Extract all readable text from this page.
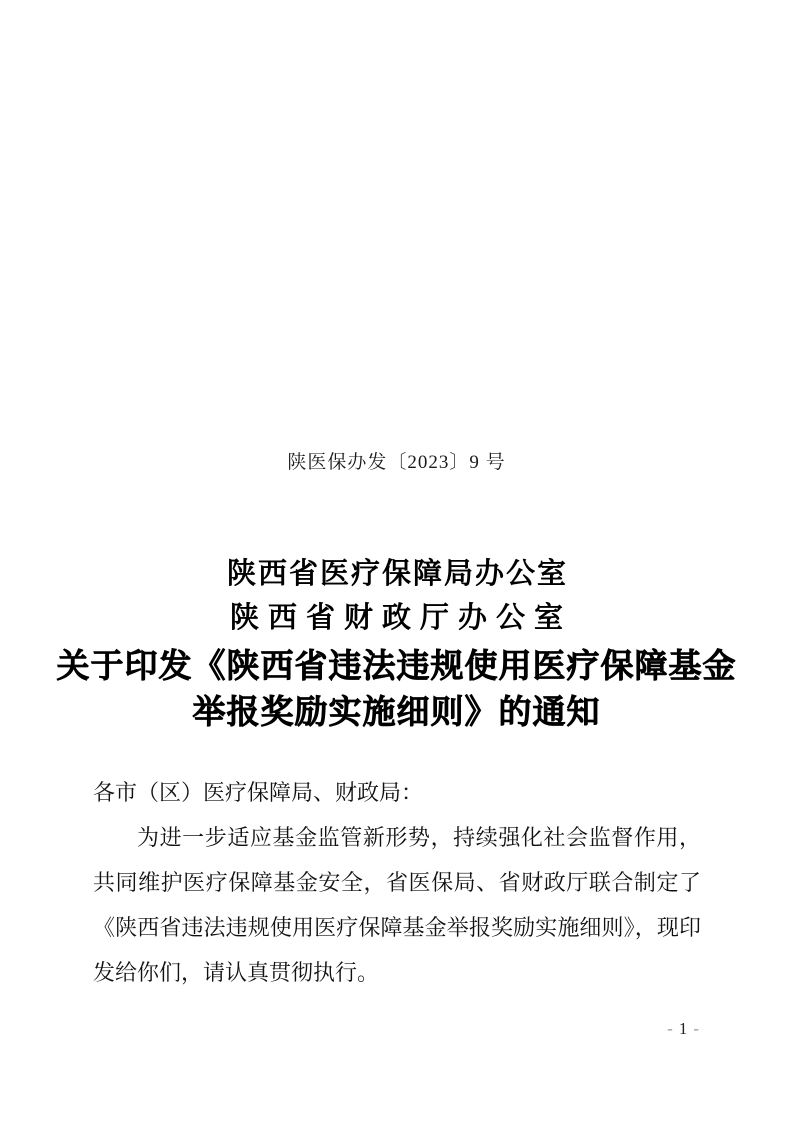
陕医保办发〔2023〕9 号
陕西省医疗保障局办公室
陕西省财政厅办公室
关于印发《陕西省违法违规使用医疗保障基金
举报奖励实施细则》的通知
各市（区）医疗保障局、财政局：
为进一步适应基金监管新形势，持续强化社会监督作用，共同维护医疗保障基金安全，省医保局、省财政厅联合制定了《陕西省违法违规使用医疗保障基金举报奖励实施细则》，现印发给你们，请认真贯彻执行。
- 1 -
